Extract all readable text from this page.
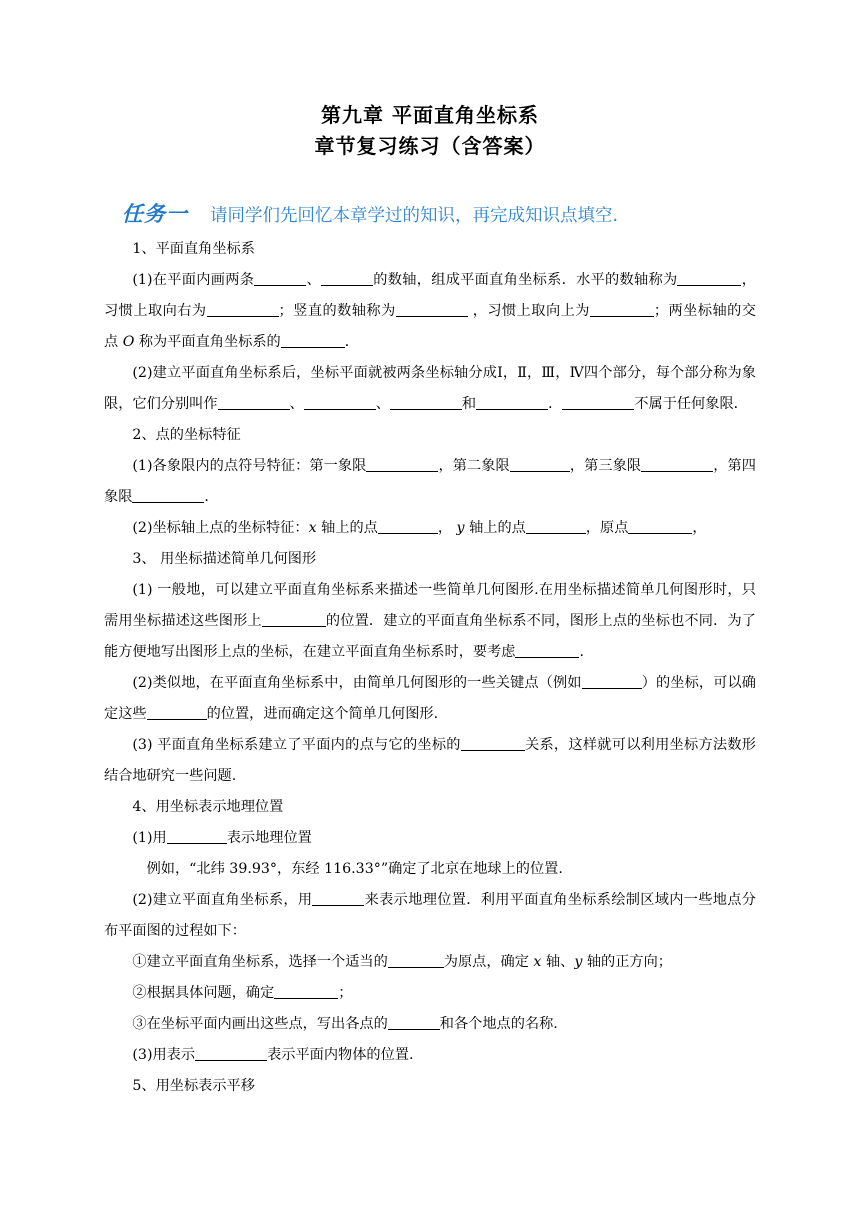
第九章 平面直角坐标系
章节复习练习（含答案）
任务一 请同学们先回忆本章学过的知识，再完成知识点填空.

1、平面直角坐标系

(1)在平面内画两条	、	的数轴，组成平面直角坐标系．水平的数轴称为	，习惯上取向右为	；竖直的数轴称为	，习惯上取向上为	；两坐标轴的交点 O 称为平面直角坐标系的	．

(2)建立平面直角坐标系后，坐标平面就被两条坐标轴分成Ⅰ，Ⅱ，Ⅲ，Ⅳ四个部分，每个部分称为象限，它们分别叫作	、	、	和	．	不属于任何象限．

2、点的坐标特征

(1)各象限内的点符号特征：第一象限	，第二象限	，第三象限	，第四象限	.

(2)坐标轴上点的坐标特征：x 轴上的点	， y 轴上的点	，原点	，

3、 用坐标描述简单几何图形

(1) 一般地，可以建立平面直角坐标系来描述一些简单几何图形.在用坐标描述简单几何图形时，只需用坐标描述这些图形上	的位置．建立的平面直角坐标系不同，图形上点的坐标也不同．为了能方便地写出图形上点的坐标，在建立平面直角坐标系时，要考虑	.

(2)类似地，在平面直角坐标系中，由简单几何图形的一些关键点（例如	）的坐标，可以确定这些	的位置，进而确定这个简单几何图形.

(3) 平面直角坐标系建立了平面内的点与它的坐标的	关系，这样就可以利用坐标方法数形结合地研究一些问题.

4、用坐标表示地理位置

(1)用	表示地理位置

例如，“北纬 39.93°，东经 116.33°”确定了北京在地球上的位置.

(2)建立平面直角坐标系，用	来表示地理位置．利用平面直角坐标系绘制区域内一些地点分布平面图的过程如下：

①建立平面直角坐标系，选择一个适当的	为原点，确定 x 轴、y 轴的正方向；

②根据具体问题，确定	；

③在坐标平面内画出这些点，写出各点的	和各个地点的名称.

(3)用表示	表示平面内物体的位置.

5、用坐标表示平移
